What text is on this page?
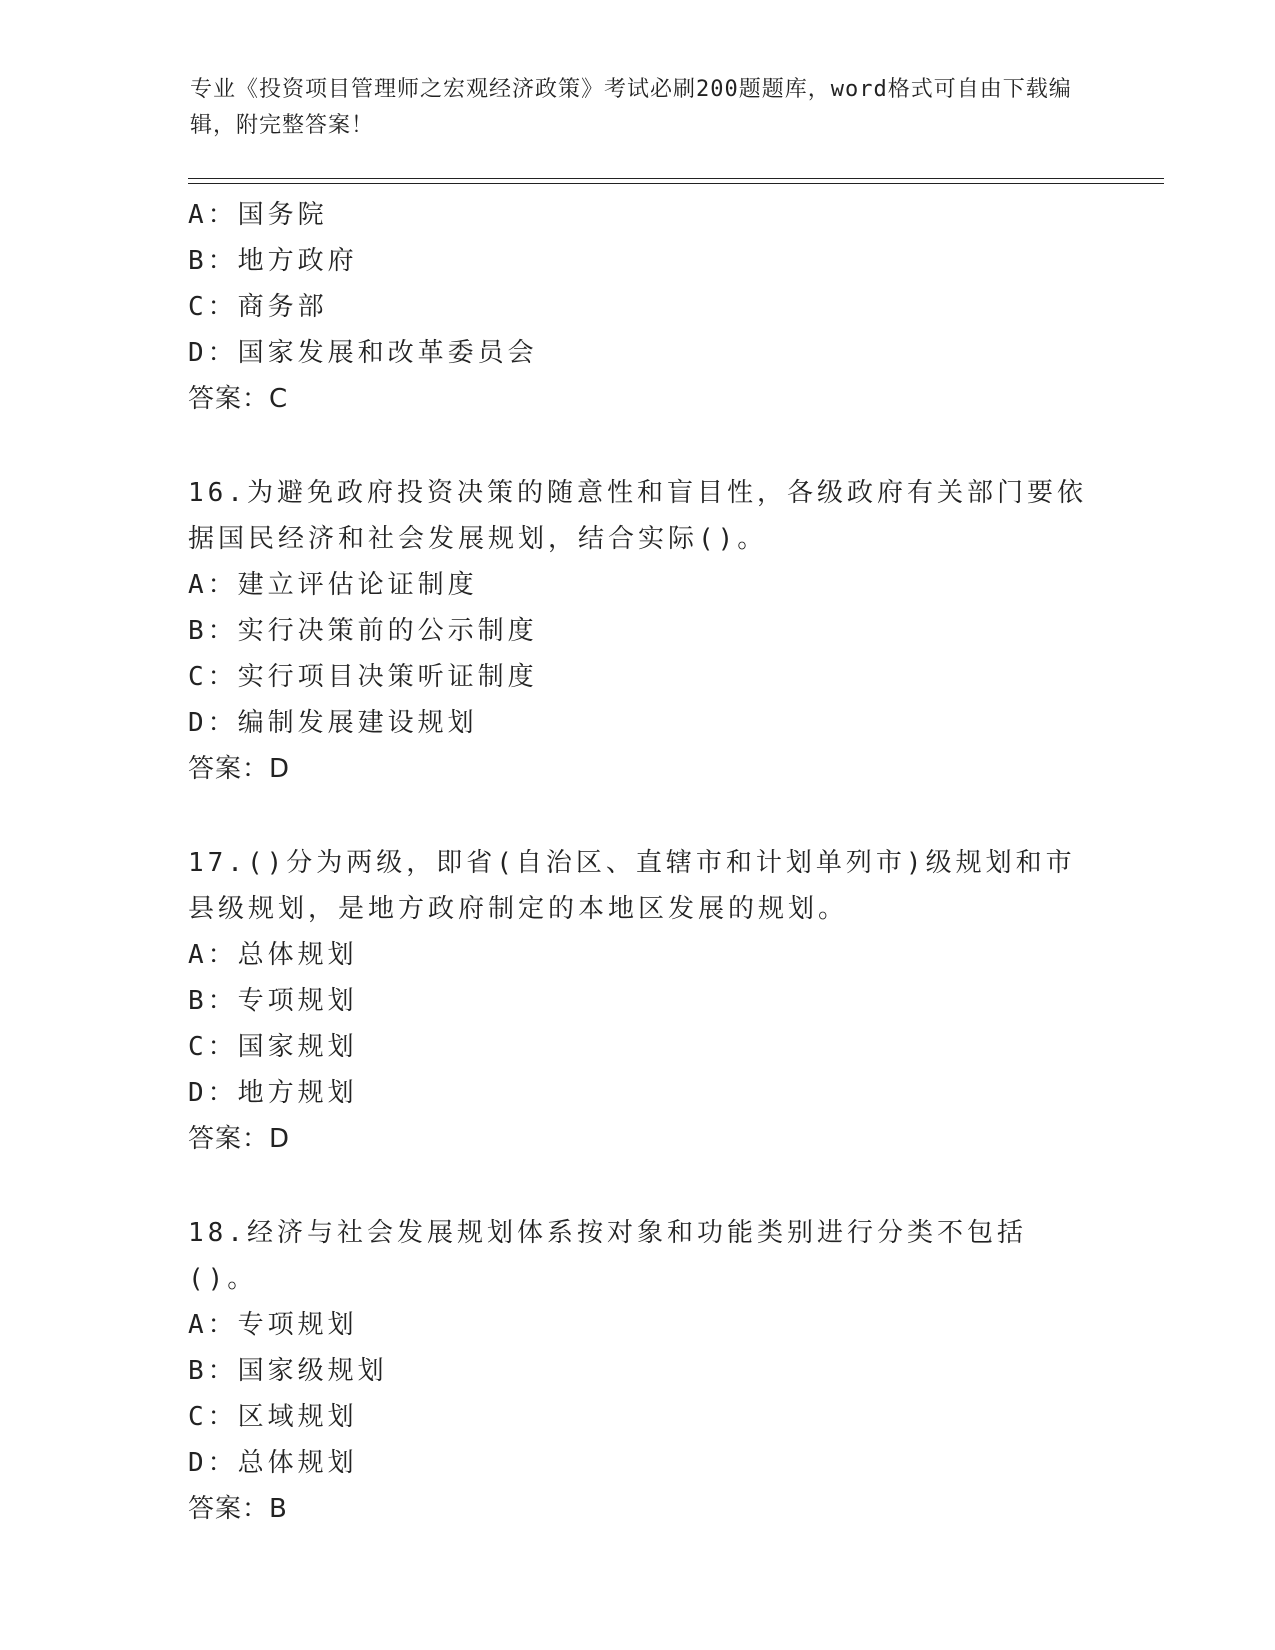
专业《投资项目管理师之宏观经济政策》考试必刷200题题库，word格式可自由下载编辑，附完整答案！
A：国务院
B：地方政府
C：商务部
D：国家发展和改革委员会
答案：C
16.为避免政府投资决策的随意性和盲目性，各级政府有关部门要依据国民经济和社会发展规划，结合实际()。
A：建立评估论证制度
B：实行决策前的公示制度
C：实行项目决策听证制度
D：编制发展建设规划
答案：D
17.()分为两级，即省(自治区、直辖市和计划单列市)级规划和市县级规划，是地方政府制定的本地区发展的规划。
A：总体规划
B：专项规划
C：国家规划
D：地方规划
答案：D
18.经济与社会发展规划体系按对象和功能类别进行分类不包括()。
A：专项规划
B：国家级规划
C：区域规划
D：总体规划
答案：B
